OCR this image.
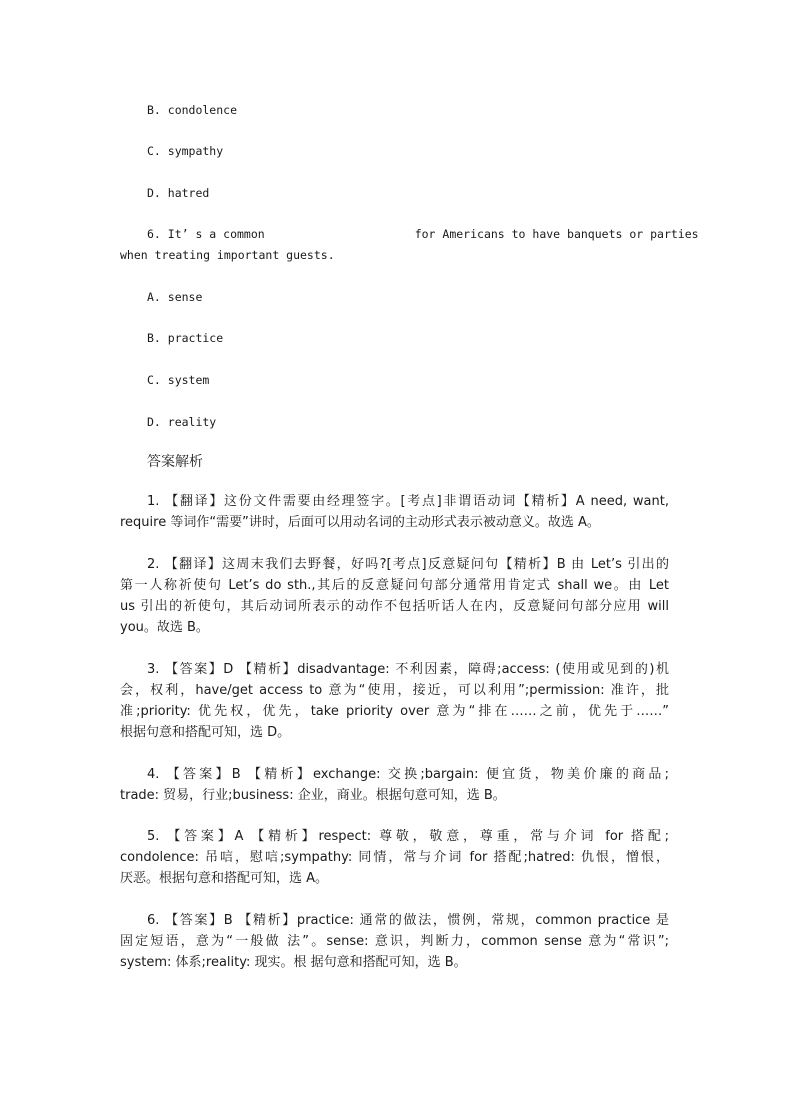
B. condolence
C. sympathy
D. hatred
6. It’ s a common	for Americans to have banquets or parties
when treating important guests.
A. sense
B. practice
C. system
D. reality
答案解析
1. 【翻译】这份文件需要由经理签字。[考点]非谓语动词【精析】A need, want,
require 等词作“需要”讲时，后面可以用动名词的主动形式表示被动意义。故选 A。
2. 【翻译】这周末我们去野餐，好吗?[考点]反意疑问句【精析】B 由 Let’s 引出的
第一人称祈使句 Let’s do sth.,其后的反意疑问句部分通常用肯定式 shall we。由 Let
us 引出的祈使句，其后动词所表示的动作不包括听话人在内，反意疑问句部分应用 will
you。故选 B。
3. 【答案】D 【精析】disadvantage: 不利因素，障碍;access: (使用或见到的)机
会，权利，have/get access to 意为“使用，接近，可以利用”;permission: 准许，批
准;priority: 优先权，优先，take priority over 意为“排在……之前，优先于……”
根据句意和搭配可知，选 D。
4. 【答案】B 【精析】exchange: 交换;bargain: 便宜货，物美价廉的商品;
trade: 贸易，行业;business: 企业，商业。根据句意可知，选 B。
5. 【答案】A 【精析】respect: 尊敬，敬意，尊重，常与介词 for 搭配;
condolence: 吊唁，慰唁;sympathy: 同情，常与介词 for 搭配;hatred: 仇恨，憎恨，
厌恶。根据句意和搭配可知，选 A。
6. 【答案】B 【精析】practice: 通常的做法，惯例，常规，common practice 是
固定短语，意为“一般做 法”。sense: 意识，判断力，common sense 意为“常识”;
system: 体系;reality: 现实。根 据句意和搭配可知，选 B。
